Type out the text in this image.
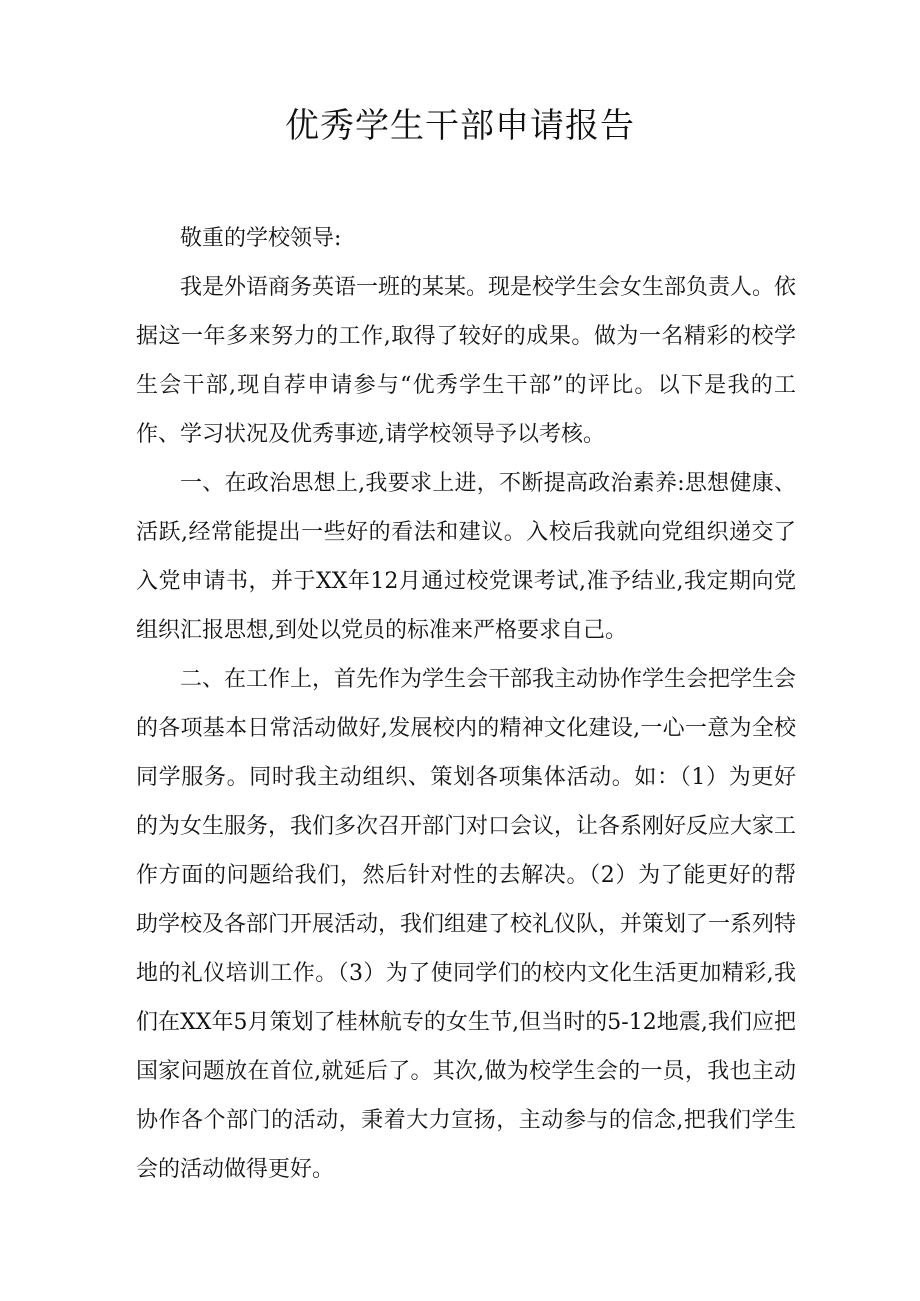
优秀学生干部申请报告

敬重的学校领导:

我是外语商务英语一班的某某。现是校学生会女生部负责人。依据这一年多来努力的工作,取得了较好的成果。做为一名精彩的校学生会干部,现自荐申请参与“优秀学生干部”的评比。以下是我的工作、学习状况及优秀事迹,请学校领导予以考核。

一、在政治思想上,我要求上进，不断提高政治素养:思想健康、活跃,经常能提出一些好的看法和建议。入校后我就向党组织递交了入党申请书，并于XX年12月通过校党课考试,准予结业,我定期向党组织汇报思想,到处以党员的标准来严格要求自己。

二、在工作上，首先作为学生会干部我主动协作学生会把学生会的各项基本日常活动做好,发展校内的精神文化建设,一心一意为全校同学服务。同时我主动组织、策划各项集体活动。如：（1）为更好的为女生服务，我们多次召开部门对口会议，让各系刚好反应大家工作方面的问题给我们，然后针对性的去解决。（2）为了能更好的帮助学校及各部门开展活动，我们组建了校礼仪队，并策划了一系列特地的礼仪培训工作。（3）为了使同学们的校内文化生活更加精彩,我们在XX年5月策划了桂林航专的女生节,但当时的5-12地震,我们应把国家问题放在首位,就延后了。其次,做为校学生会的一员，我也主动协作各个部门的活动，秉着大力宣扬，主动参与的信念,把我们学生会的活动做得更好。
